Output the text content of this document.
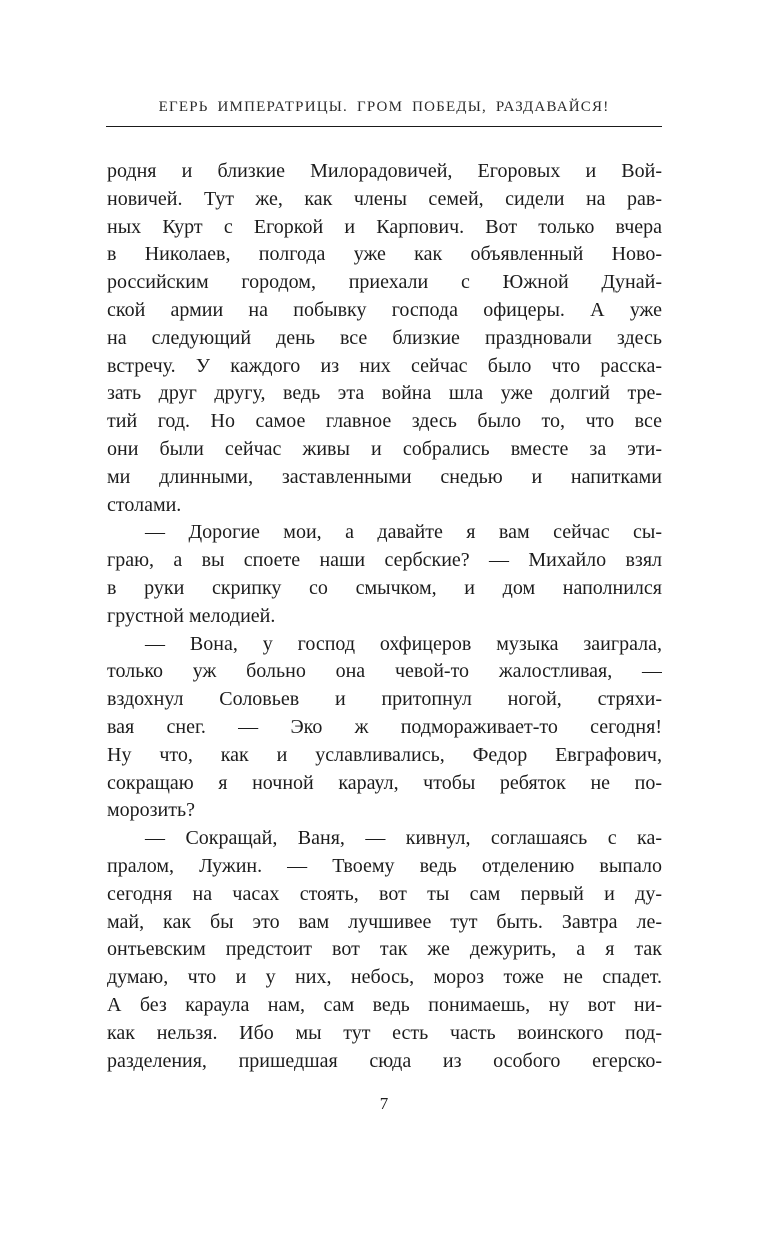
ЕГЕРЬ ИМПЕРАТРИЦЫ. ГРОМ ПОБЕДЫ, РАЗДАВАЙСЯ!
родня и близкие Милорадовичей, Егоровых и Вой-
новичей. Тут же, как члены семей, сидели на рав-
ных Курт с Егоркой и Карпович. Вот только вчера
в Николаев, полгода уже как объявленный Ново-
российским городом, приехали с Южной Дунай-
ской армии на побывку господа офицеры. А уже
на следующий день все близкие праздновали здесь
встречу. У каждого из них сейчас было что расска-
зать друг другу, ведь эта война шла уже долгий тре-
тий год. Но самое главное здесь было то, что все
они были сейчас живы и собрались вместе за эти-
ми длинными, заставленными снедью и напитками
столами.
— Дорогие мои, а давайте я вам сейчас сы-
граю, а вы споете наши сербские? — Михайло взял
в руки скрипку со смычком, и дом наполнился
грустной мелодией.
— Вона, у господ охфицеров музыка заиграла,
только уж больно она чевой-то жалостливая, —
вздохнул Соловьев и притопнул ногой, стряхи-
вая снег. — Эко ж подмораживает-то сегодня!
Ну что, как и уславливались, Федор Евграфович,
сокращаю я ночной караул, чтобы ребяток не по-
морозить?
— Сокращай, Ваня, — кивнул, соглашаясь с ка-
пралом, Лужин. — Твоему ведь отделению выпало
сегодня на часах стоять, вот ты сам первый и ду-
май, как бы это вам лучшивее тут быть. Завтра ле-
онтьевским предстоит вот так же дежурить, а я так
думаю, что и у них, небось, мороз тоже не спадет.
А без караула нам, сам ведь понимаешь, ну вот ни-
как нельзя. Ибо мы тут есть часть воинского под-
разделения, пришедшая сюда из особого егерско-
7
